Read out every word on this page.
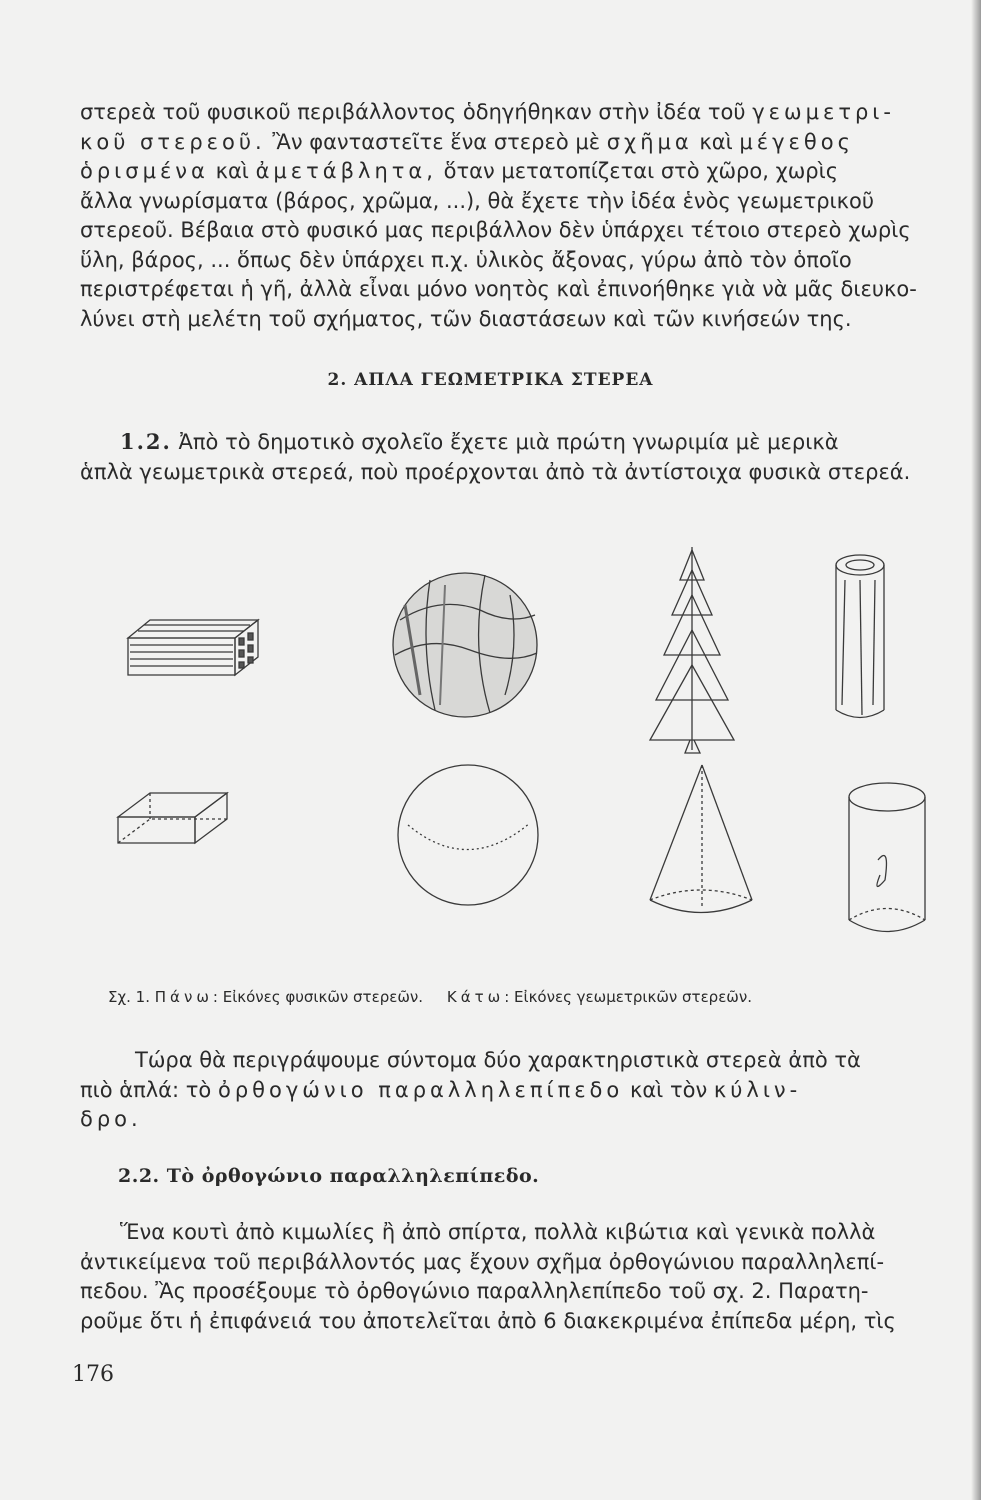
στερεὰ τοῦ φυσικοῦ περιβάλλοντος ὁδηγήθηκαν στὴν ἰδέα τοῦ γεωμετρι-
κοῦ στερεοῦ. Ἂν φανταστεῖτε ἕνα στερεὸ μὲ σχῆμα καὶ μέγεθος
ὁρισμένα καὶ ἀμετάβλητα, ὅταν μετατοπίζεται στὸ χῶρο, χωρὶς
ἄλλα γνωρίσματα (βάρος, χρῶμα, ...), θὰ ἔχετε τὴν ἰδέα ἑνὸς γεωμετρικοῦ
στερεοῦ. Βέβαια στὸ φυσικό μας περιβάλλον δὲν ὑπάρχει τέτοιο στερεὸ χωρὶς
ὕλη, βάρος, ... ὅπως δὲν ὑπάρχει π.χ. ὑλικὸς ἄξονας, γύρω ἀπὸ τὸν ὁποῖο
περιστρέφεται ἡ γῆ, ἀλλὰ εἶναι μόνο νοητὸς καὶ ἐπινοήθηκε γιὰ νὰ μᾶς διευκο-
λύνει στὴ μελέτη τοῦ σχήματος, τῶν διαστάσεων καὶ τῶν κινήσεών της.
2. ΑΠΛΑ ΓΕΩΜΕΤΡΙΚΑ ΣΤΕΡΕΑ
1.2. Ἀπὸ τὸ δημοτικὸ σχολεῖο ἔχετε μιὰ πρώτη γνωριμία μὲ μερικὰ
ἁπλὰ γεωμετρικὰ στερεά, ποὺ προέρχονται ἀπὸ τὰ ἀντίστοιχα φυσικὰ στερεά.
Σχ. 1. Πάνω: Εἰκόνες φυσικῶν στερεῶν. Κάτω: Εἰκόνες γεωμετρικῶν στερεῶν.
Τώρα θὰ περιγράψουμε σύντομα δύο χαρακτηριστικὰ στερεὰ ἀπὸ τὰ
πιὸ ἁπλά: τὸ ὀρθογώνιο παραλληλεπίπεδο καὶ τὸν κύλιν-
δρο.
2.2. Τὸ ὀρθογώνιο παραλληλεπίπεδο.
Ἕνα κουτὶ ἀπὸ κιμωλίες ἢ ἀπὸ σπίρτα, πολλὰ κιβώτια καὶ γενικὰ πολλὰ
ἀντικείμενα τοῦ περιβάλλοντός μας ἔχουν σχῆμα ὀρθογώνιου παραλληλεπί-
πεδου. Ἂς προσέξουμε τὸ ὀρθογώνιο παραλληλεπίπεδο τοῦ σχ. 2. Παρατη-
ροῦμε ὅτι ἡ ἐπιφάνειά του ἀποτελεῖται ἀπὸ 6 διακεκριμένα ἐπίπεδα μέρη, τὶς
176
